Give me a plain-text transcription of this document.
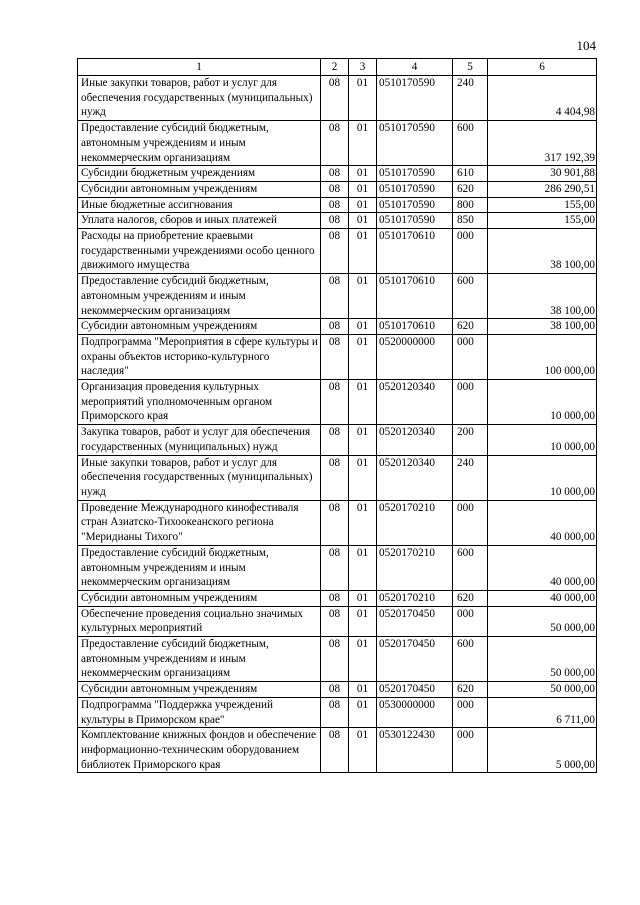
104
1	2	3	4	5	6
Иные закупки товаров, работ и услуг для обеспечения государственных (муниципальных) нужд	08	01	0510170590	240	4 404,98
Предоставление субсидий бюджетным, автономным учреждениям и иным некоммерческим организациям	08	01	0510170590	600	317 192,39
Субсидии бюджетным учреждениям	08	01	0510170590	610	30 901,88
Субсидии автономным учреждениям	08	01	0510170590	620	286 290,51
Иные бюджетные ассигнования	08	01	0510170590	800	155,00
Уплата налогов, сборов и иных платежей	08	01	0510170590	850	155,00
Расходы на приобретение краевыми государственными учреждениями особо ценного движимого имущества	08	01	0510170610	000	38 100,00
Предоставление субсидий бюджетным, автономным учреждениям и иным некоммерческим организациям	08	01	0510170610	600	38 100,00
Субсидии автономным учреждениям	08	01	0510170610	620	38 100,00
Подпрограмма "Мероприятия в сфере культуры и охраны объектов историко-культурного наследия"	08	01	0520000000	000	100 000,00
Организация проведения культурных мероприятий уполномоченным органом Приморского края	08	01	0520120340	000	10 000,00
Закупка товаров, работ и услуг для обеспечения государственных (муниципальных) нужд	08	01	0520120340	200	10 000,00
Иные закупки товаров, работ и услуг для обеспечения государственных (муниципальных) нужд	08	01	0520120340	240	10 000,00
Проведение Международного кинофестиваля стран Азиатско-Тихоокеанского региона "Меридианы Тихого"	08	01	0520170210	000	40 000,00
Предоставление субсидий бюджетным, автономным учреждениям и иным некоммерческим организациям	08	01	0520170210	600	40 000,00
Субсидии автономным учреждениям	08	01	0520170210	620	40 000,00
Обеспечение проведения социально значимых культурных мероприятий	08	01	0520170450	000	50 000,00
Предоставление субсидий бюджетным, автономным учреждениям и иным некоммерческим организациям	08	01	0520170450	600	50 000,00
Субсидии автономным учреждениям	08	01	0520170450	620	50 000,00
Подпрограмма "Поддержка учреждений культуры в Приморском крае"	08	01	0530000000	000	6 711,00
Комплектование книжных фондов и обеспечение информационно-техническим оборудованием библиотек Приморского края	08	01	0530122430	000	5 000,00
